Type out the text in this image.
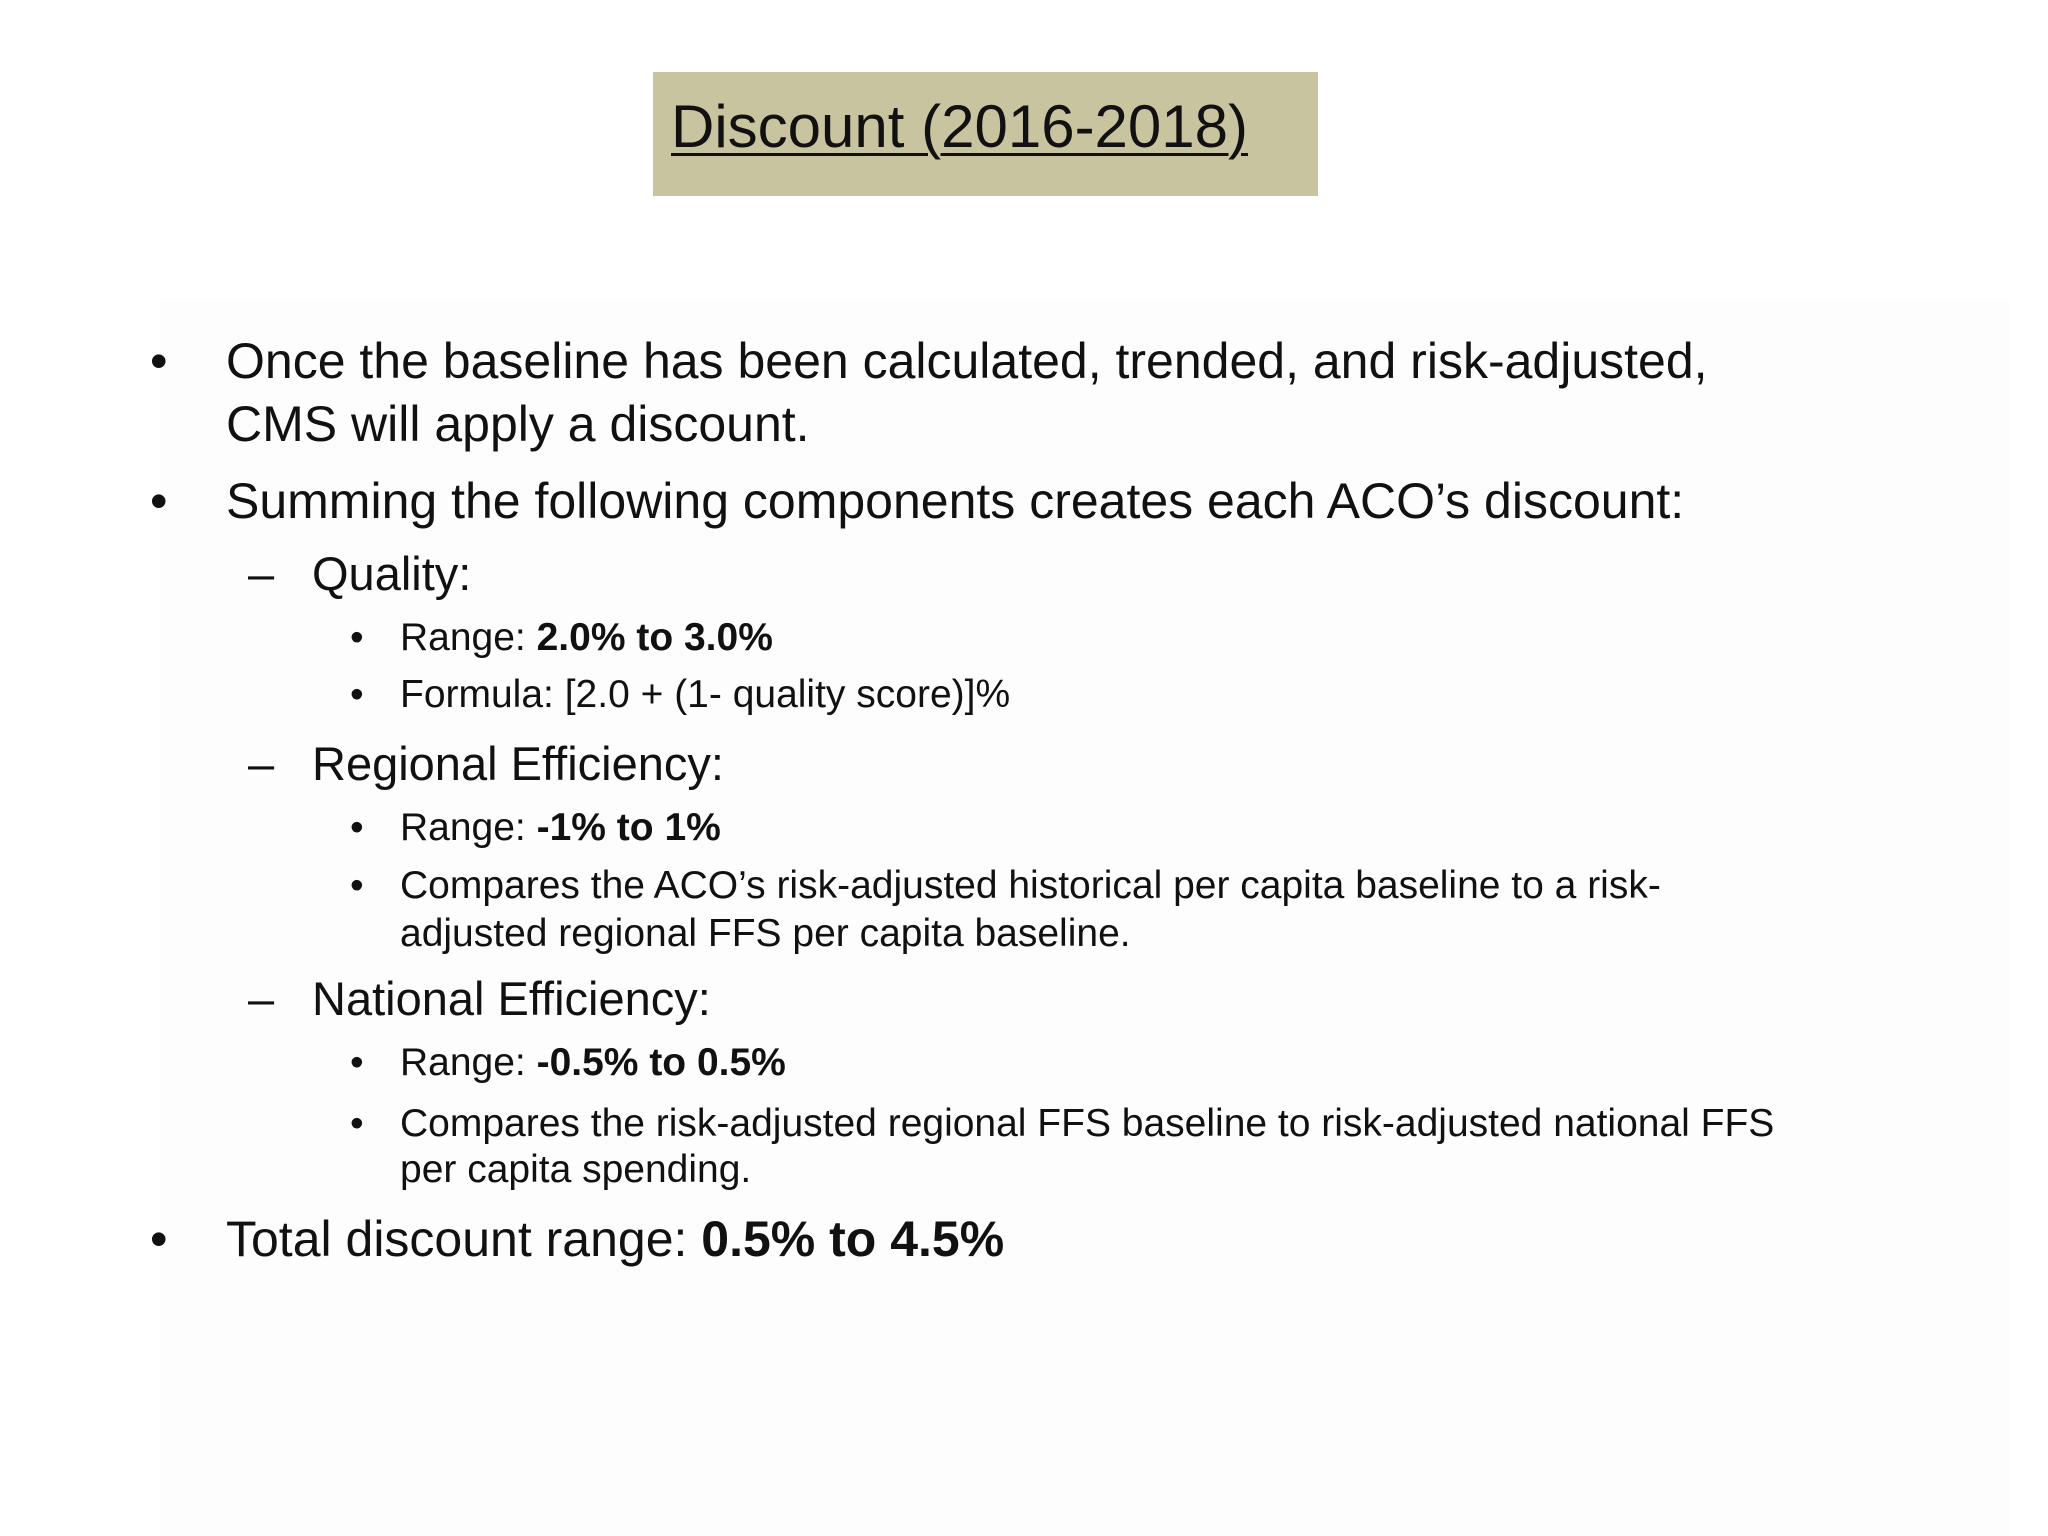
Discount (2016-2018)
• Once the baseline has been calculated, trended, and risk-adjusted,
CMS will apply a discount.
• Summing the following components creates each ACO’s discount:
– Quality:
• Range: 2.0% to 3.0%
• Formula: [2.0 + (1- quality score)]%
– Regional Efficiency:
• Range: -1% to 1%
• Compares the ACO’s risk-adjusted historical per capita baseline to a risk-
adjusted regional FFS per capita baseline.
– National Efficiency:
• Range: -0.5% to 0.5%
• Compares the risk-adjusted regional FFS baseline to risk-adjusted national FFS
per capita spending.
• Total discount range: 0.5% to 4.5%
